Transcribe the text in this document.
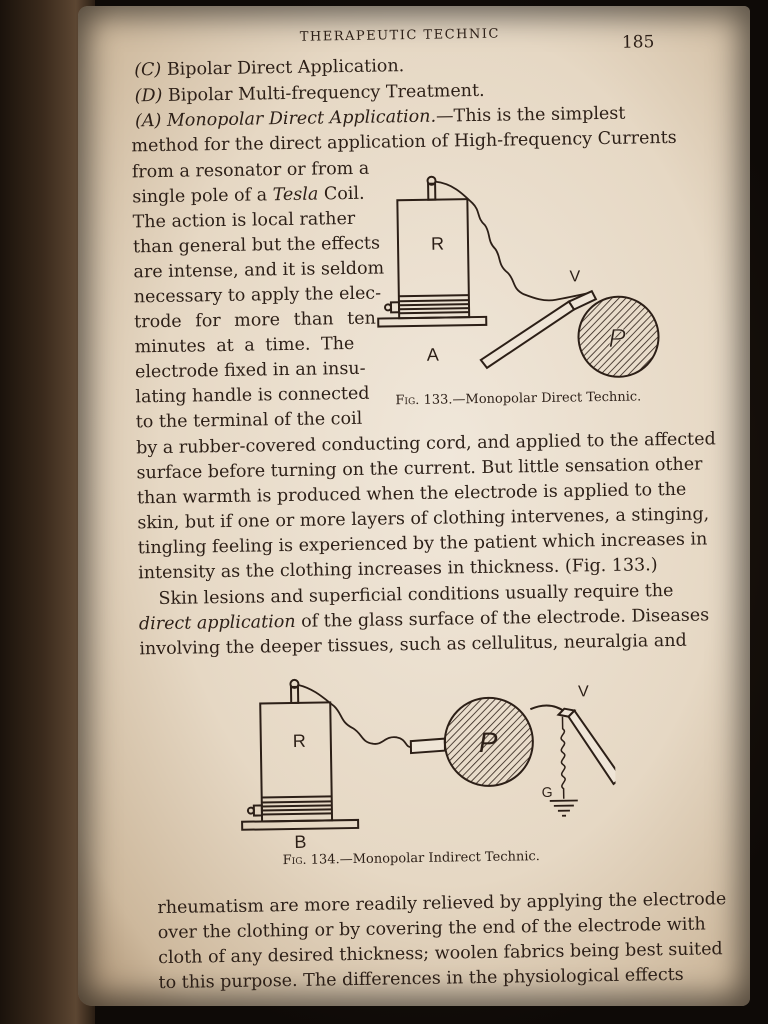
THERAPEUTIC TECHNIC	185
(C) Bipolar Direct Application.
(D) Bipolar Multi-frequency Treatment.
(A) Monopolar Direct Application.—This is the simplest
method for the direct application of High-frequency Currents
from a resonator or from a
single pole of a Tesla Coil.
The action is local rather
than general but the effects
are intense, and it is seldom
necessary to apply the elec-
trode for more than ten
minutes at a time. The
electrode fixed in an insu-
lating handle is connected
to the terminal of the coil
R
V
P
A
Fig. 133.—Monopolar Direct Technic.
by a rubber-covered conducting cord, and applied to the affected
surface before turning on the current. But little sensation other
than warmth is produced when the electrode is applied to the
skin, but if one or more layers of clothing intervenes, a stinging,
tingling feeling is experienced by the patient which increases in
intensity as the clothing increases in thickness. (Fig. 133.)
Skin lesions and superficial conditions usually require the
direct application of the glass surface of the electrode. Diseases
involving the deeper tissues, such as cellulitus, neuralgia and
R
V
P
G
B
Fig. 134.—Monopolar Indirect Technic.
rheumatism are more readily relieved by applying the electrode
over the clothing or by covering the end of the electrode with
cloth of any desired thickness; woolen fabrics being best suited
to this purpose. The differences in the physiological effects
